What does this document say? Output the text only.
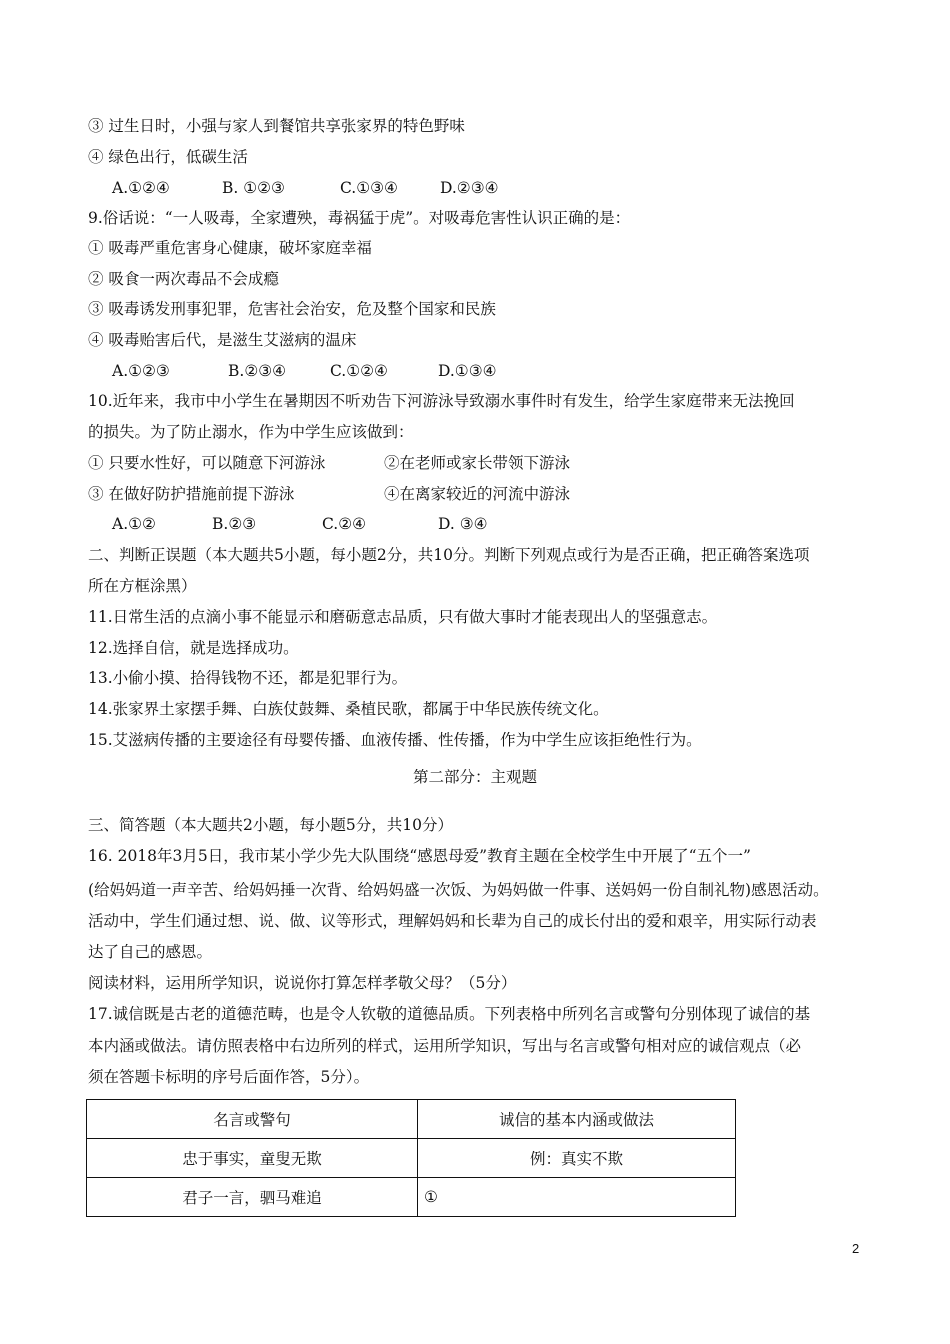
③ 过生日时，小强与家人到餐馆共享张家界的特色野味
④ 绿色出行，低碳生活
A.①②④	B. ①②③	C.①③④	D.②③④
9.俗话说：“一人吸毒，全家遭殃，毒祸猛于虎”。对吸毒危害性认识正确的是：
① 吸毒严重危害身心健康，破坏家庭幸福
② 吸食一两次毒品不会成瘾
③ 吸毒诱发刑事犯罪，危害社会治安，危及整个国家和民族
④ 吸毒贻害后代，是滋生艾滋病的温床
A.①②③	B.②③④	C.①②④	D.①③④
10.近年来，我市中小学生在暑期因不听劝告下河游泳导致溺水事件时有发生，给学生家庭带来无法挽回
的损失。为了防止溺水，作为中学生应该做到：
① 只要水性好，可以随意下河游泳	②在老师或家长带领下游泳
③ 在做好防护措施前提下游泳	④在离家较近的河流中游泳
A.①②	B.②③	C.②④	D. ③④
二、判断正误题（本大题共5小题，每小题2分，共10分。判断下列观点或行为是否正确，把正确答案选项
所在方框涂黑）
11.日常生活的点滴小事不能显示和磨砺意志品质，只有做大事时才能表现出人的坚强意志。
12.选择自信，就是选择成功。
13.小偷小摸、拾得钱物不还，都是犯罪行为。
14.张家界土家摆手舞、白族仗鼓舞、桑植民歌，都属于中华民族传统文化。
15.艾滋病传播的主要途径有母婴传播、血液传播、性传播，作为中学生应该拒绝性行为。
第二部分：主观题
三、简答题（本大题共2小题，每小题5分，共10分）
16. 2018年3月5日，我市某小学少先大队围绕“感恩母爱”教育主题在全校学生中开展了“五个一”
(给妈妈道一声辛苦、给妈妈捶一次背、给妈妈盛一次饭、为妈妈做一件事、送妈妈一份自制礼物)感恩活动。
活动中，学生们通过想、说、做、议等形式，理解妈妈和长辈为自己的成长付出的爱和艰辛，用实际行动表
达了自己的感恩。
阅读材料，运用所学知识，说说你打算怎样孝敬父母？（5分）
17.诚信既是古老的道德范畴，也是令人钦敬的道德品质。下列表格中所列名言或警句分别体现了诚信的基
本内涵或做法。请仿照表格中右边所列的样式，运用所学知识，写出与名言或警句相对应的诚信观点（必
须在答题卡标明的序号后面作答，5分）。
名言或警句	诚信的基本内涵或做法
忠于事实，童叟无欺	例：真实不欺
君子一言，驷马难追	①
2
